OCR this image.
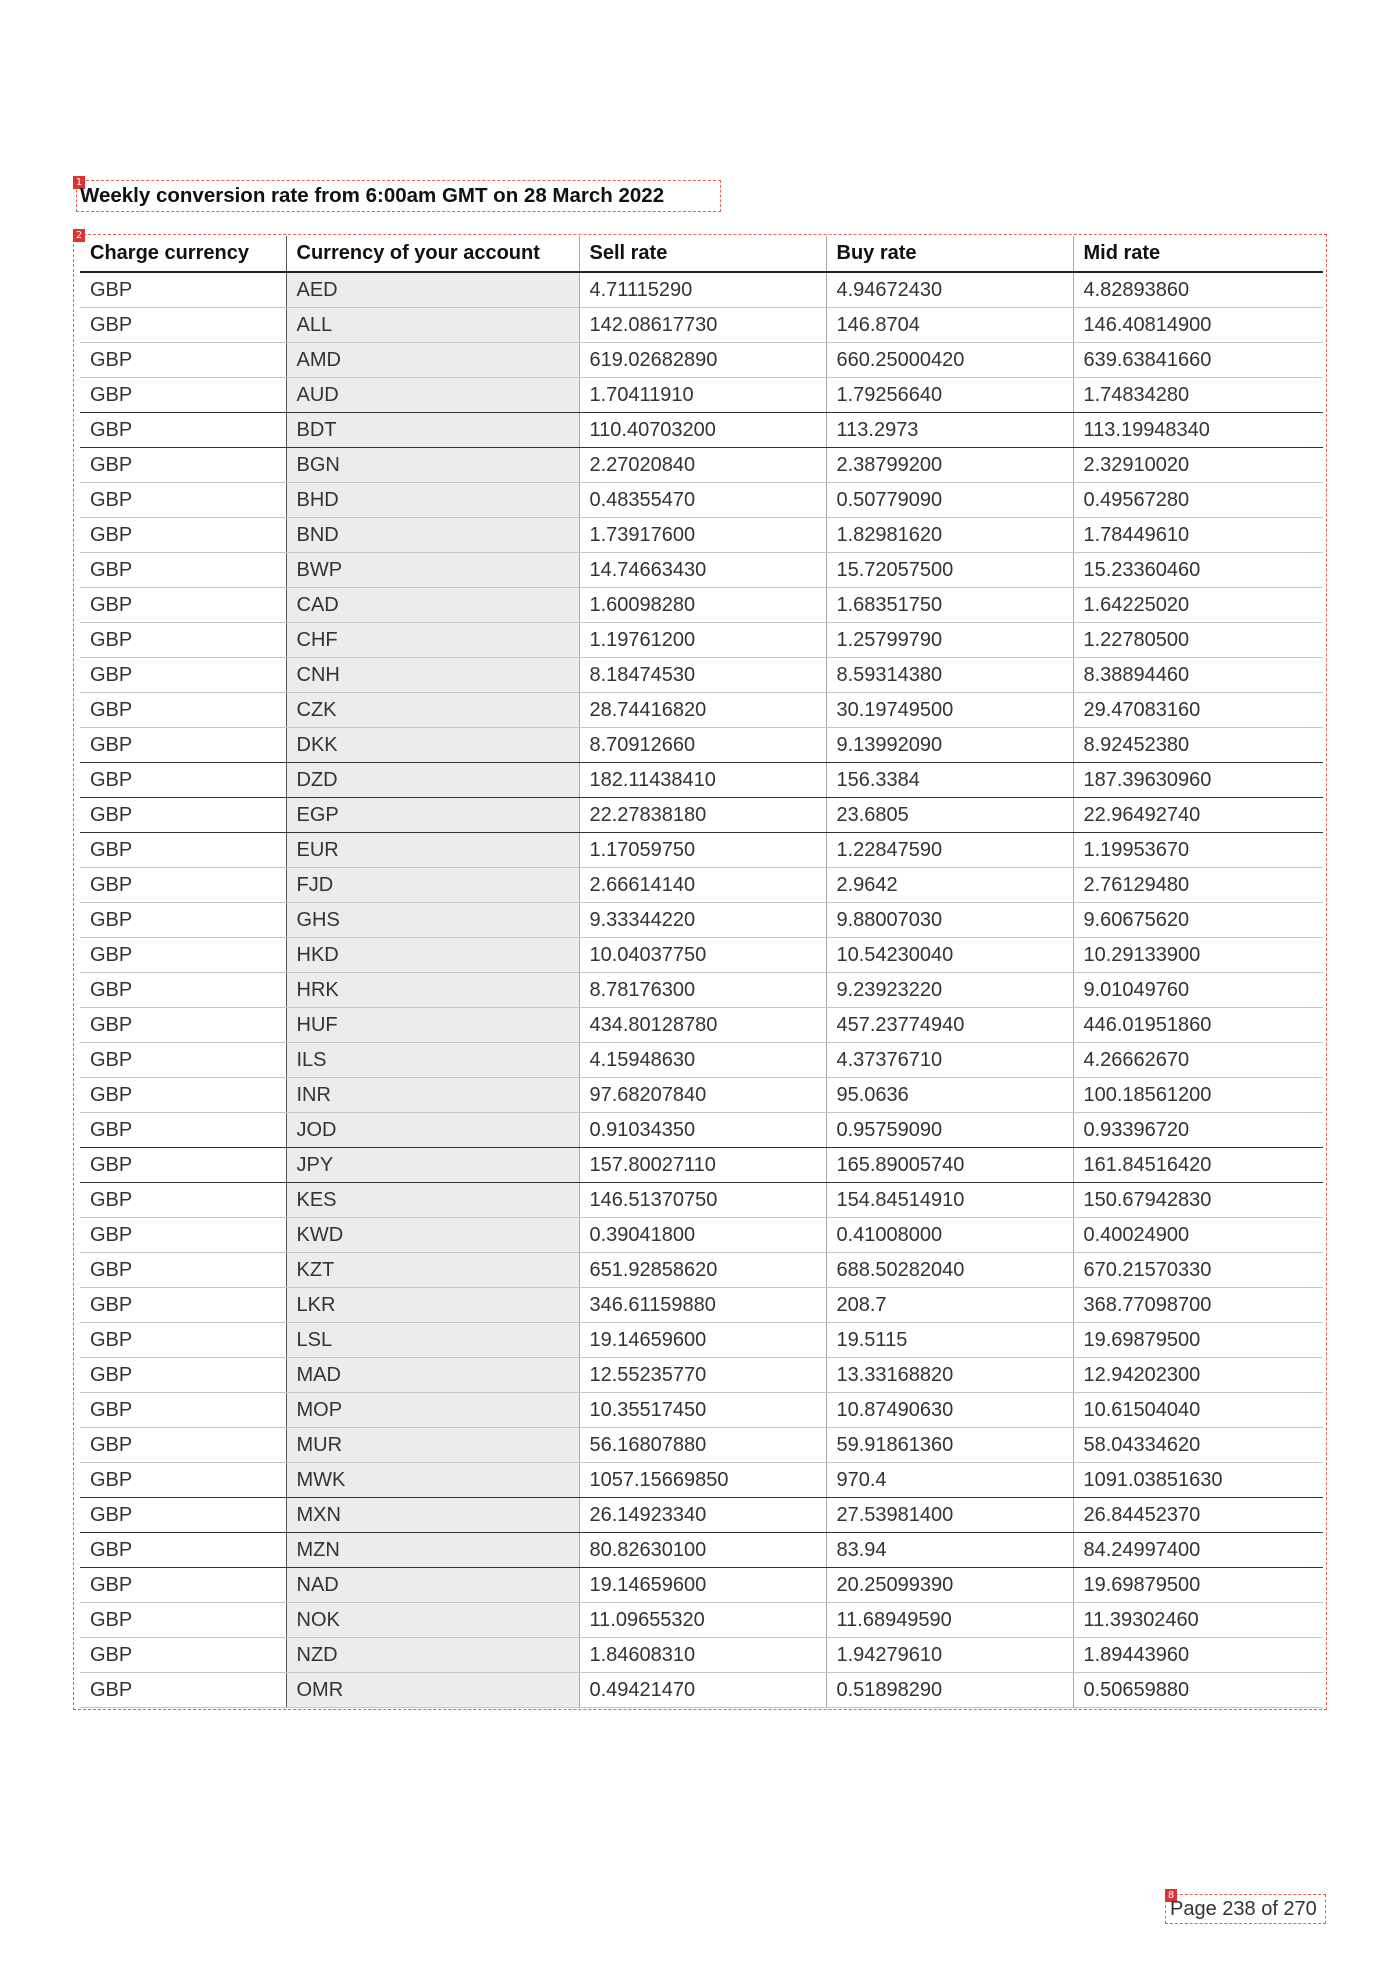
1
Weekly conversion rate from 6:00am GMT on 28 March 2022
2
Charge currency	Currency of your account	Sell rate	Buy rate	Mid rate
GBP	AED	4.71115290	4.94672430	4.82893860
GBP	ALL	142.08617730	146.8704	146.40814900
GBP	AMD	619.02682890	660.25000420	639.63841660
GBP	AUD	1.70411910	1.79256640	1.74834280
GBP	BDT	110.40703200	113.2973	113.19948340
GBP	BGN	2.27020840	2.38799200	2.32910020
GBP	BHD	0.48355470	0.50779090	0.49567280
GBP	BND	1.73917600	1.82981620	1.78449610
GBP	BWP	14.74663430	15.72057500	15.23360460
GBP	CAD	1.60098280	1.68351750	1.64225020
GBP	CHF	1.19761200	1.25799790	1.22780500
GBP	CNH	8.18474530	8.59314380	8.38894460
GBP	CZK	28.74416820	30.19749500	29.47083160
GBP	DKK	8.70912660	9.13992090	8.92452380
GBP	DZD	182.11438410	156.3384	187.39630960
GBP	EGP	22.27838180	23.6805	22.96492740
GBP	EUR	1.17059750	1.22847590	1.19953670
GBP	FJD	2.66614140	2.9642	2.76129480
GBP	GHS	9.33344220	9.88007030	9.60675620
GBP	HKD	10.04037750	10.54230040	10.29133900
GBP	HRK	8.78176300	9.23923220	9.01049760
GBP	HUF	434.80128780	457.23774940	446.01951860
GBP	ILS	4.15948630	4.37376710	4.26662670
GBP	INR	97.68207840	95.0636	100.18561200
GBP	JOD	0.91034350	0.95759090	0.93396720
GBP	JPY	157.80027110	165.89005740	161.84516420
GBP	KES	146.51370750	154.84514910	150.67942830
GBP	KWD	0.39041800	0.41008000	0.40024900
GBP	KZT	651.92858620	688.50282040	670.21570330
GBP	LKR	346.61159880	208.7	368.77098700
GBP	LSL	19.14659600	19.5115	19.69879500
GBP	MAD	12.55235770	13.33168820	12.94202300
GBP	MOP	10.35517450	10.87490630	10.61504040
GBP	MUR	56.16807880	59.91861360	58.04334620
GBP	MWK	1057.15669850	970.4	1091.03851630
GBP	MXN	26.14923340	27.53981400	26.84452370
GBP	MZN	80.82630100	83.94	84.24997400
GBP	NAD	19.14659600	20.25099390	19.69879500
GBP	NOK	11.09655320	11.68949590	11.39302460
GBP	NZD	1.84608310	1.94279610	1.89443960
GBP	OMR	0.49421470	0.51898290	0.50659880
8
Page 238 of 270
